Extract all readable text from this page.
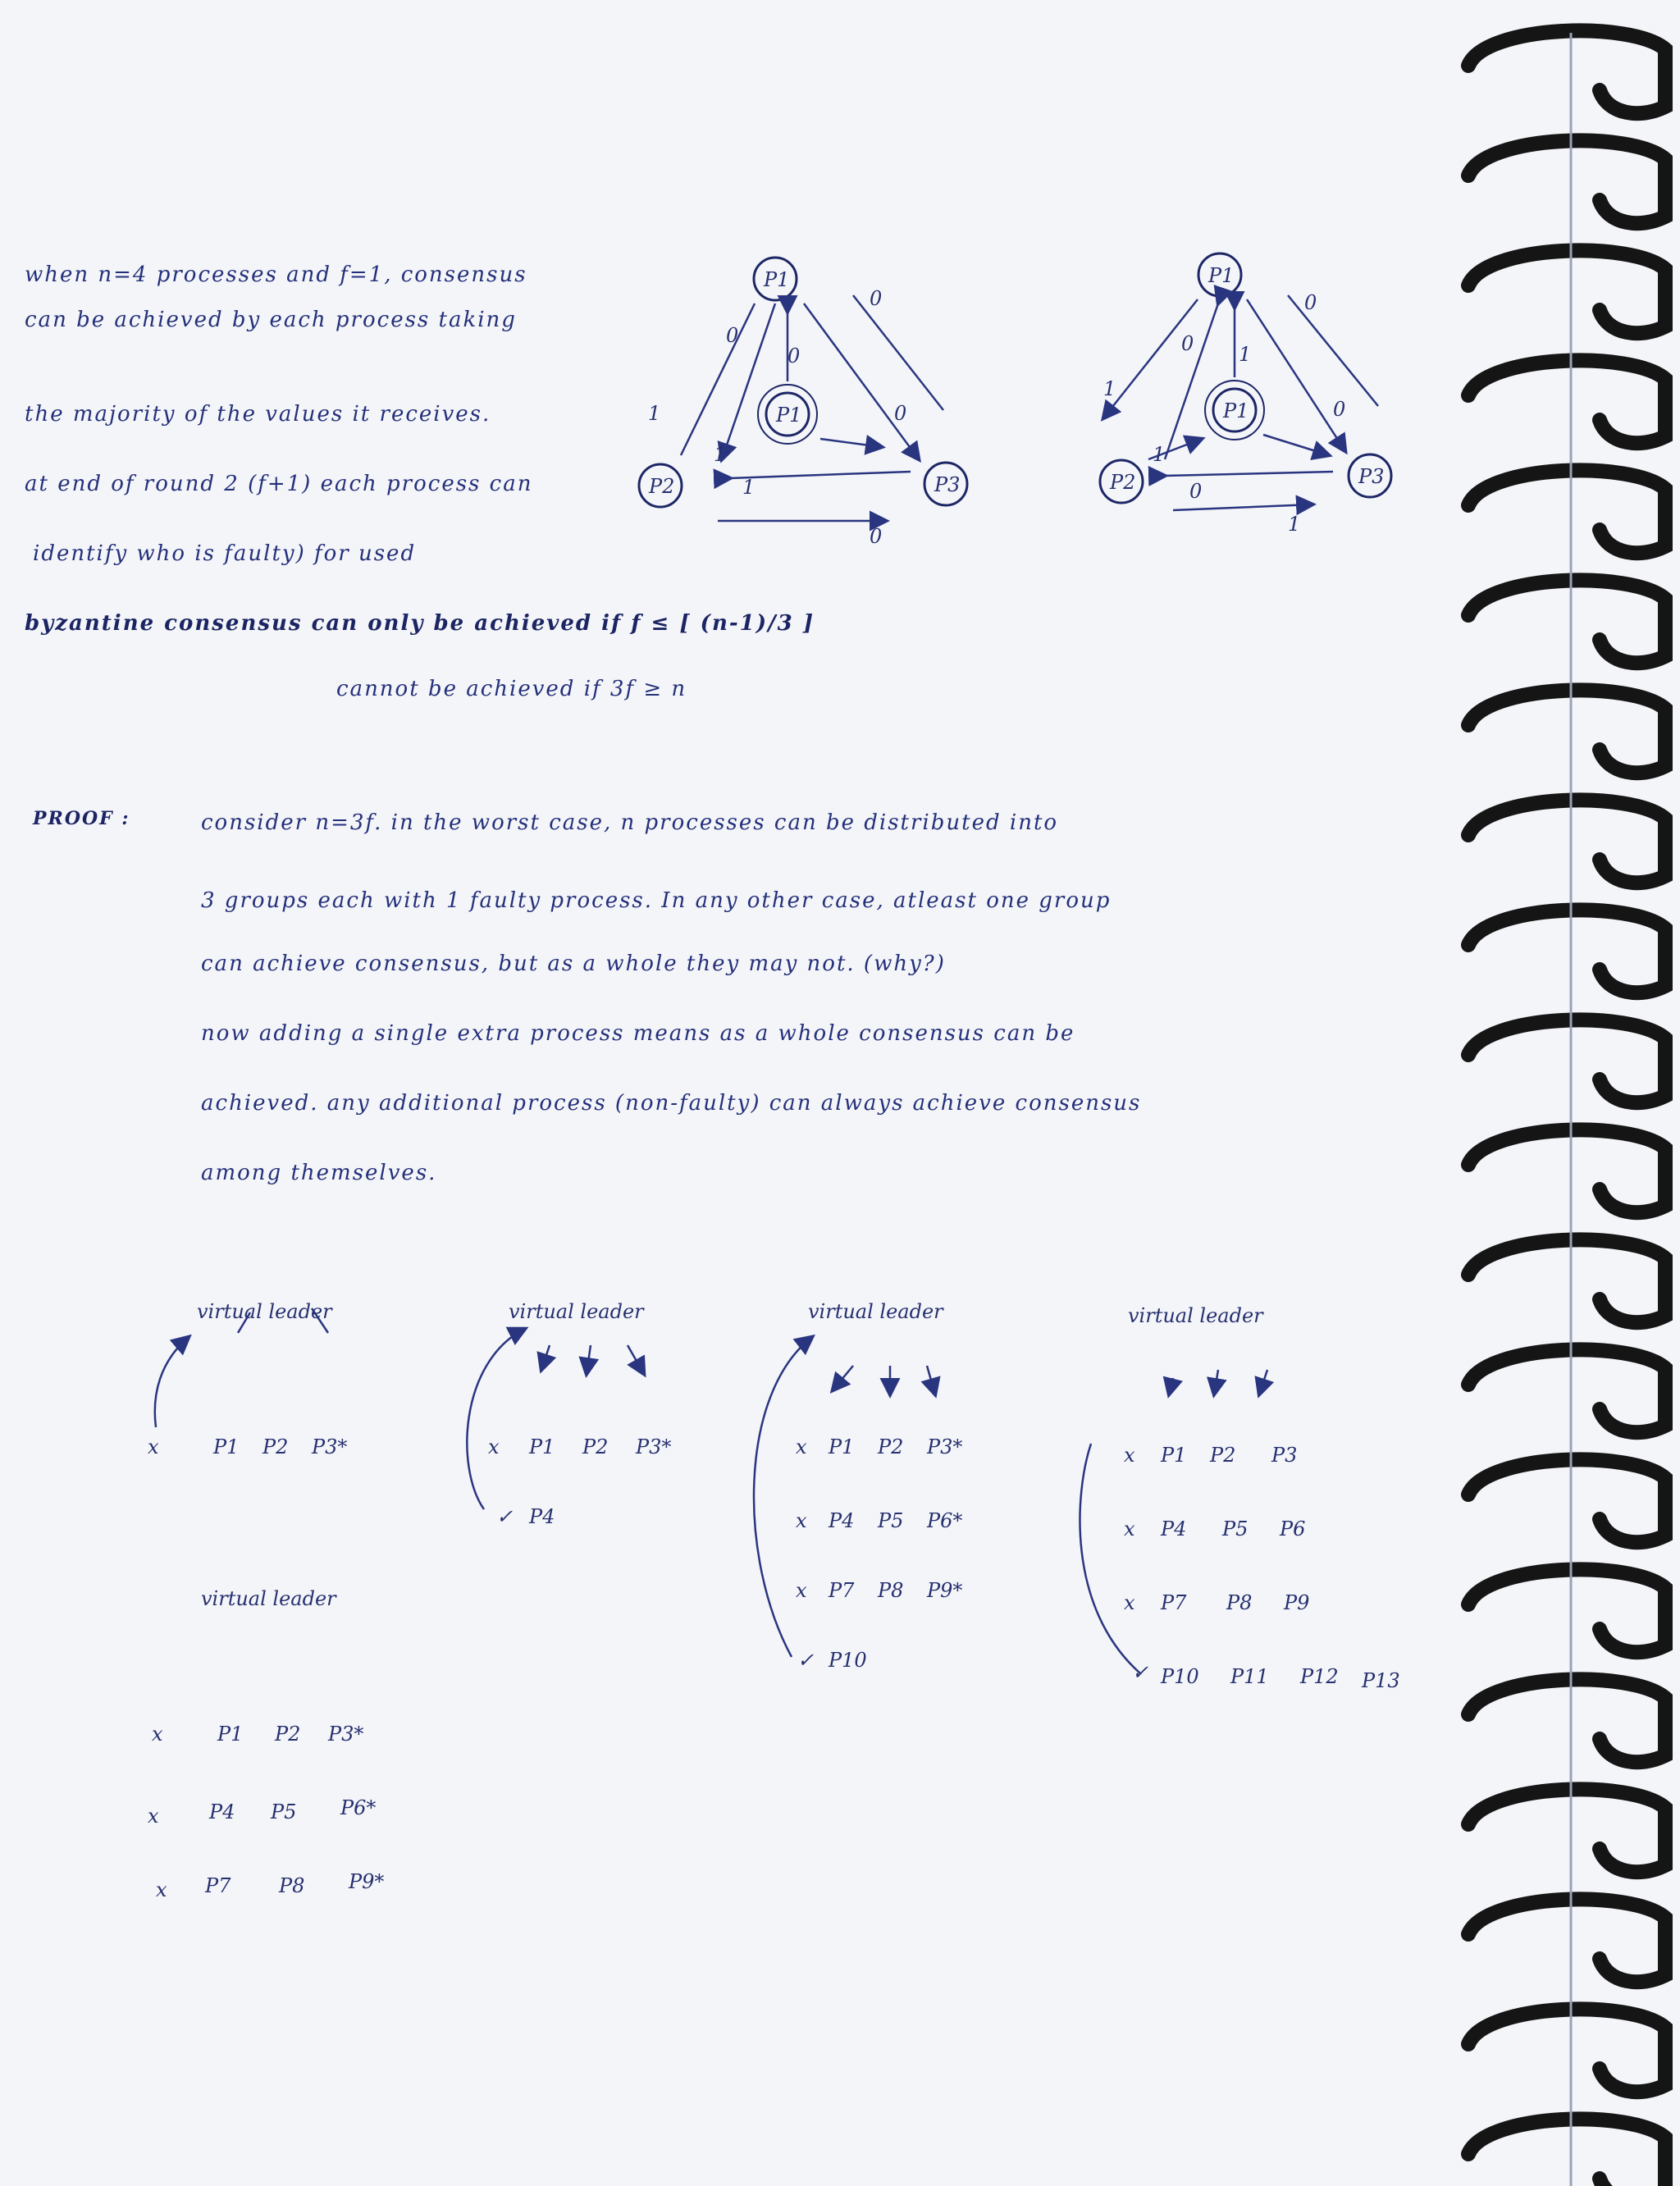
when n=4 processes and f=1, consensus
can be achieved by each process taking
the majority of the values it receives.
at end of round 2 (f+1) each process can
identify who is faulty) for used
byzantine consensus can only be achieved if f ≤ [ (n-1)/3 ]
cannot be achieved if 3f ≥ n
PROOF :	consider n=3f. in the worst case, n processes can be distributed into
3 groups each with 1 faulty process. In any other case, atleast one group
can achieve consensus, but as a whole they may not. (why?)
now adding a single extra process means as a whole consensus can be
achieved. any additional process (non-faulty) can always achieve consensus
among themselves.
P1
P1
P2	P3
0
0
1	0
1
0
1
0
P1
P1
P2	P3
0
0
1
0
1
0
1
1
virtual leader	virtual leader	virtual leader	virtual leader
virtual leader
x	P1 P2 P3*	x P1 P2 P3*
✓ P4
x P1 P2 P3*
x P4 P5 P6*
x P7 P8 P9*
✓ P10
x P1 P2 P3
x P4 P5 P6
x P7 P8 P9
✓ P10 P11 P12 P13
x	P1 P2 P3*
x	P4 P5 P6*
x P7 P8 P9*
